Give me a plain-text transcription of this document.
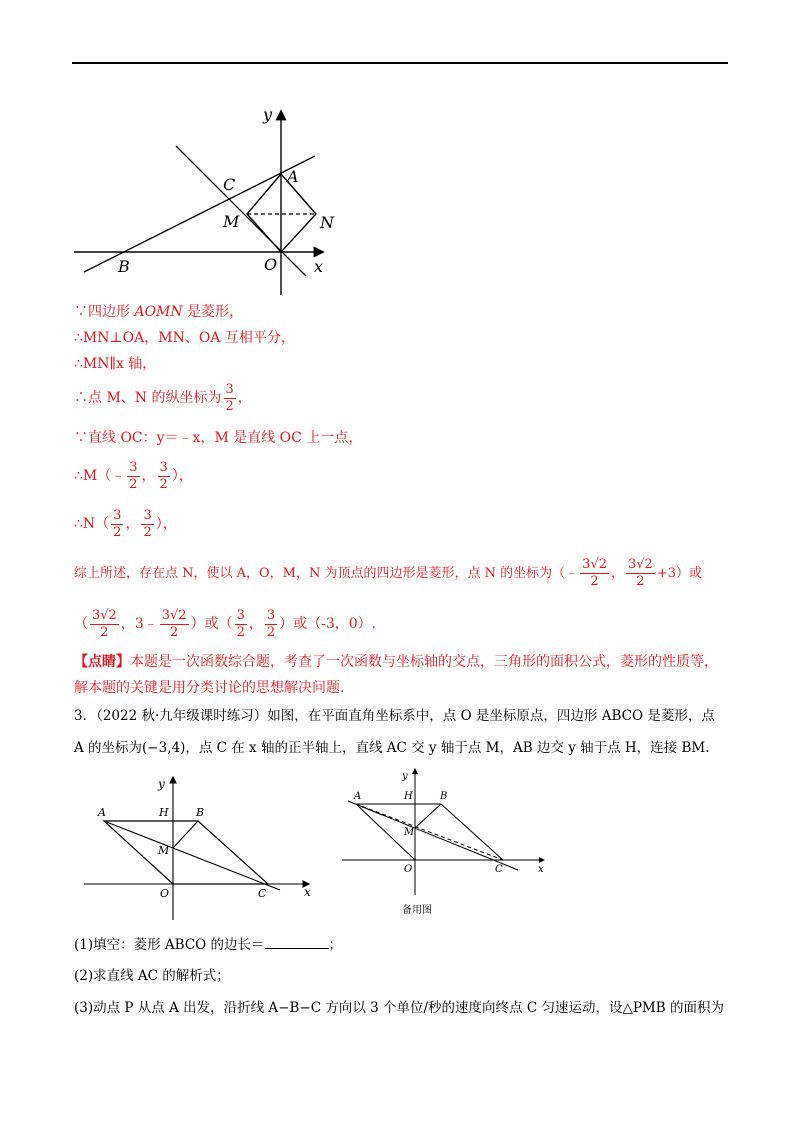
y
x
A
B
C
M	N
O
∵四边形 AOMN 是菱形，
∴MN⊥OA，MN、OA 互相平分，
∴MN∥x 轴，
∴点 M、N 的纵坐标为 $\frac{3}{2}$ ，
∵直线 OC：y＝﹣x，M 是直线 OC 上一点，
∴M（﹣ $\frac{3}{2}$ ， $\frac{3}{2}$ ），
∴N（ $\frac{3}{2}$ ， $\frac{3}{2}$ ），
综上所述，存在点 N，使以 A，O，M，N 为顶点的四边形是菱形，点 N 的坐标为（﹣ $\frac{3√2}{2}$ ， $\frac{3√2}{2} +3$）或
（ $\frac{3√2}{2}$ ，3﹣ $\frac{3√2}{2}$ ）或（ $\frac{3}{2}$ ， $\frac{3}{2}$ ）或（-3，0）.
【点睛】本题是一次函数综合题，考查了一次函数与坐标轴的交点，三角形的面积公式，菱形的性质等，
解本题的关键是用分类讨论的思想解决问题.
3．（2022 秋·九年级课时练习）如图，在平面直角坐标系中，点 O 是坐标原点，四边形 ABCO 是菱形，点
A 的坐标为(−3,4)，点 C 在 x 轴的正半轴上，直线 AC 交 y 轴于点 M，AB 边交 y 轴于点 H，连接 BM.
y
x
A	H B
M
O	C
y
x
A	H	B
M
O	C
备用图
(1)填空：菱形 ABCO 的边长＝	；
(2)求直线 AC 的解析式；
(3)动点 P 从点 A 出发，沿折线 A−B−C 方向以 3 个单位/秒的速度向终点 C 匀速运动，设△PMB 的面积为
